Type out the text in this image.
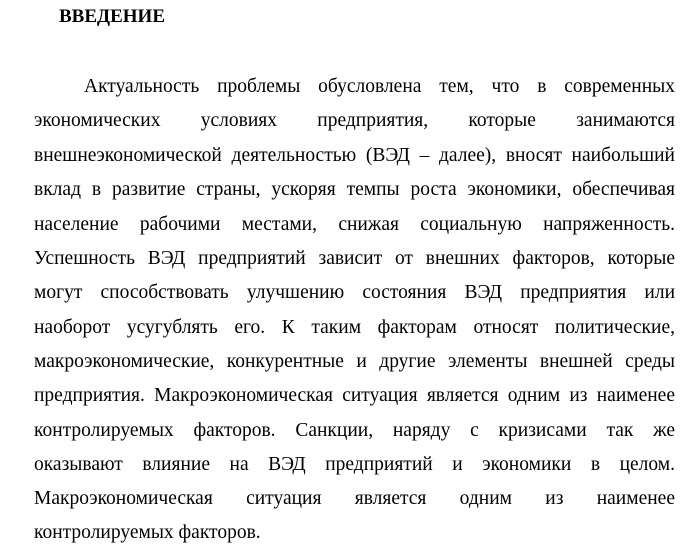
ВВЕДЕНИЕ
Актуальность проблемы обусловлена тем, что в современных
экономических условиях предприятия, которые занимаются
внешнеэкономической деятельностью (ВЭД – далее), вносят наибольший
вклад в развитие страны, ускоряя темпы роста экономики, обеспечивая
население рабочими местами, снижая социальную напряженность.
Успешность ВЭД предприятий зависит от внешних факторов, которые
могут способствовать улучшению состояния ВЭД предприятия или
наоборот усугублять его. К таким факторам относят политические,
макроэкономические, конкурентные и другие элементы внешней среды
предприятия. Макроэкономическая ситуация является одним из наименее
контролируемых факторов. Санкции, наряду с кризисами так же
оказывают влияние на ВЭД предприятий и экономики в целом.
Макроэкономическая ситуация является одним из наименее
контролируемых факторов.
